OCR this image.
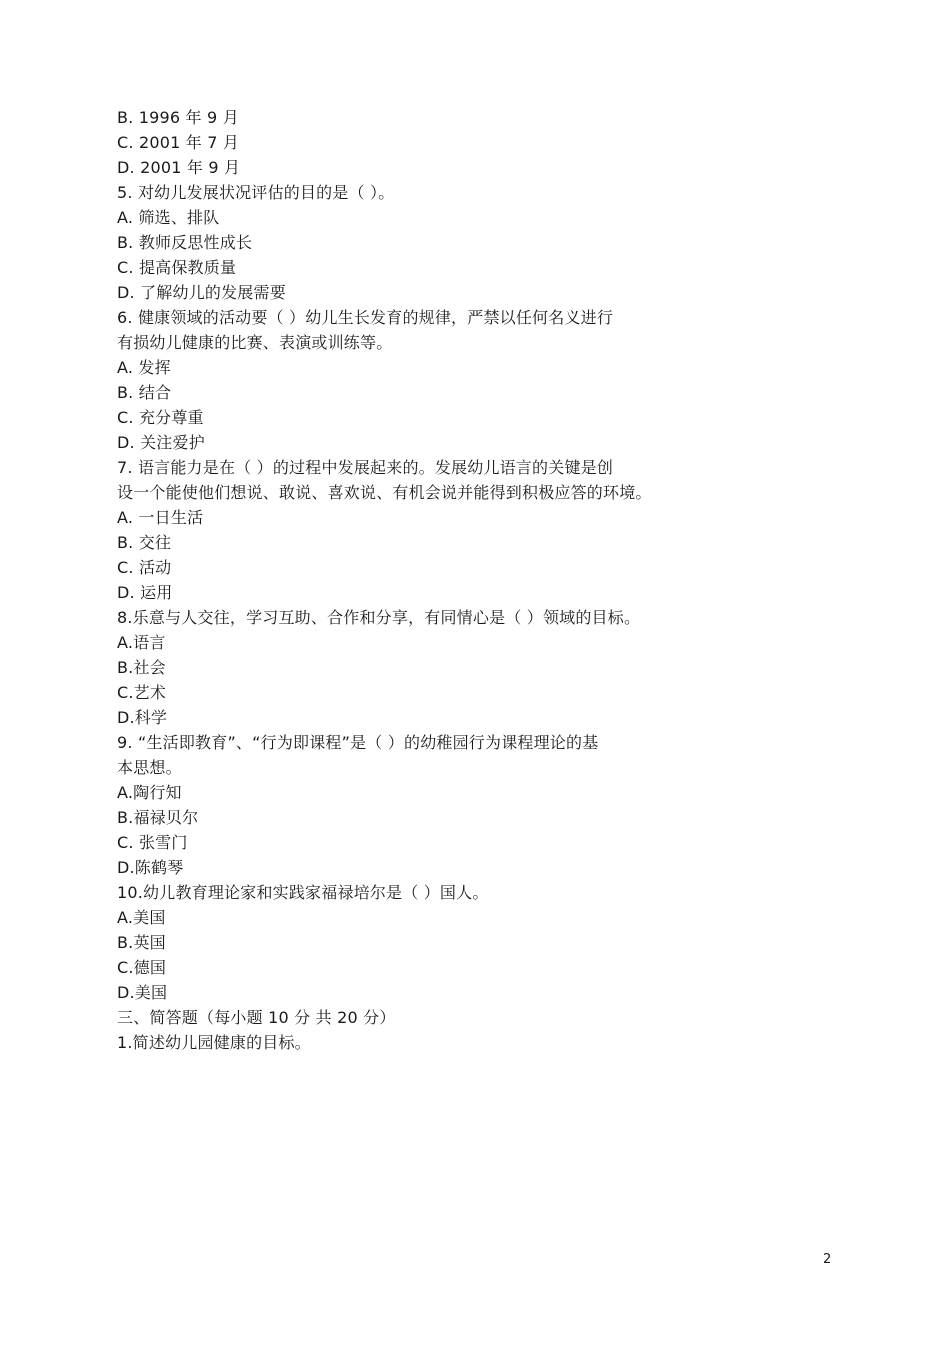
B. 1996 年 9 月
C. 2001 年 7 月
D. 2001 年 9 月
5. 对幼儿发展状况评估的目的是（ ）。
A. 筛选、排队
B. 教师反思性成长
C. 提高保教质量
D. 了解幼儿的发展需要
6. 健康领域的活动要（ ）幼儿生长发育的规律，严禁以任何名义进行
有损幼儿健康的比赛、表演或训练等。
A. 发挥
B. 结合
C. 充分尊重
D. 关注爱护
7. 语言能力是在（ ）的过程中发展起来的。发展幼儿语言的关键是创
设一个能使他们想说、敢说、喜欢说、有机会说并能得到积极应答的环境。
A. 一日生活
B. 交往
C. 活动
D. 运用
8.乐意与人交往，学习互助、合作和分享，有同情心是（ ）领域的目标。
A.语言
B.社会
C.艺术
D.科学
9. “生活即教育”、“行为即课程”是（ ）的幼稚园行为课程理论的基
本思想。
A.陶行知
B.福禄贝尔
C. 张雪门
D.陈鹤琴
10.幼儿教育理论家和实践家福禄培尔是（ ）国人。
A.美国
B.英国
C.德国
D.美国
三、简答题（每小题 10 分 共 20 分）
1.简述幼儿园健康的目标。
2
